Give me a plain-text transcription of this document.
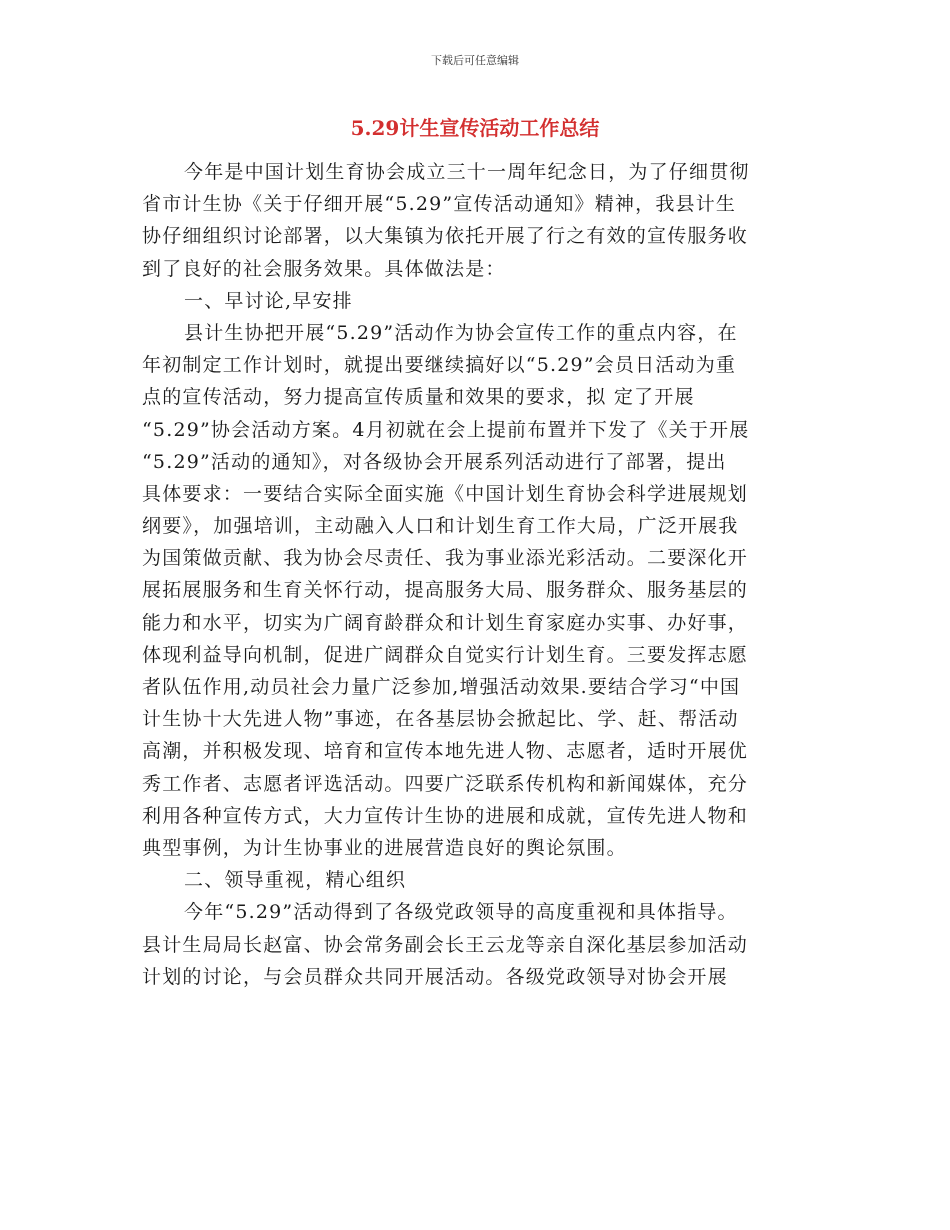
下载后可任意编辑
5.29计生宣传活动工作总结
今年是中国计划生育协会成立三十一周年纪念日，为了仔细贯彻
省市计生协《关于仔细开展“5.29”宣传活动通知》精神，我县计生
协仔细组织讨论部署，以大集镇为依托开展了行之有效的宣传服务收
到了良好的社会服务效果。具体做法是：
一、早讨论,早安排
县计生协把开展“5.29”活动作为协会宣传工作的重点内容，在
年初制定工作计划时，就提出要继续搞好以“5.29”会员日活动为重
点的宣传活动，努力提高宣传质量和效果的要求，拟 定了开展
“5.29”协会活动方案。4月初就在会上提前布置并下发了《关于开展
“5.29”活动的通知》，对各级协会开展系列活动进行了部署，提出
具体要求：一要结合实际全面实施《中国计划生育协会科学进展规划
纲要》，加强培训，主动融入人口和计划生育工作大局，广泛开展我
为国策做贡献、我为协会尽责任、我为事业添光彩活动。二要深化开
展拓展服务和生育关怀行动，提高服务大局、服务群众、服务基层的
能力和水平，切实为广阔育龄群众和计划生育家庭办实事、办好事，
体现利益导向机制，促进广阔群众自觉实行计划生育。三要发挥志愿
者队伍作用,动员社会力量广泛参加,增强活动效果.要结合学习“中国
计生协十大先进人物”事迹，在各基层协会掀起比、学、赶、帮活动
高潮，并积极发现、培育和宣传本地先进人物、志愿者，适时开展优
秀工作者、志愿者评选活动。四要广泛联系传机构和新闻媒体，充分
利用各种宣传方式，大力宣传计生协的进展和成就，宣传先进人物和
典型事例，为计生协事业的进展营造良好的舆论氛围。
二、领导重视，精心组织
今年“5.29”活动得到了各级党政领导的高度重视和具体指导。
县计生局局长赵富、协会常务副会长王云龙等亲自深化基层参加活动
计划的讨论，与会员群众共同开展活动。各级党政领导对协会开展
